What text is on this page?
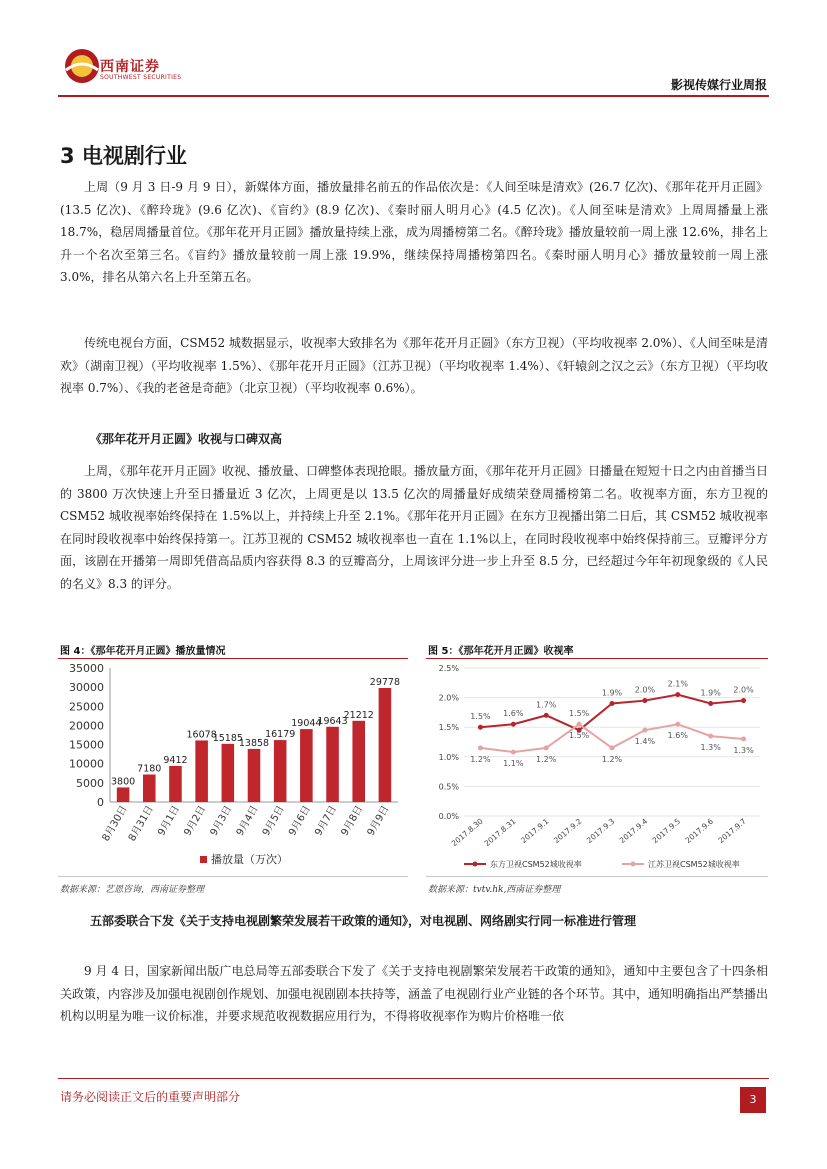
西南证券
SOUTHWEST SECURITIES
影视传媒行业周报
3 电视剧行业

上周（9 月 3 日-9 月 9 日），新媒体方面，播放量排名前五的作品依次是：《人间至味是清欢》(26.7 亿次)、《那年花开月正圆》(13.5 亿次)、《醉玲珑》(9.6 亿次)、《盲约》(8.9 亿次)、《秦时丽人明月心》(4.5 亿次)。《人间至味是清欢》上周周播量上涨 18.7%，稳居周播量首位。《那年花开月正圆》播放量持续上涨，成为周播榜第二名。《醉玲珑》播放量较前一周上涨 12.6%，排名上升一个名次至第三名。《盲约》播放量较前一周上涨 19.9%，继续保持周播榜第四名。《秦时丽人明月心》播放量较前一周上涨 3.0%，排名从第六名上升至第五名。

传统电视台方面，CSM52 城数据显示，收视率大致排名为《那年花开月正圆》（东方卫视）（平均收视率 2.0%）、《人间至味是清欢》（湖南卫视）（平均收视率 1.5%）、《那年花开月正圆》（江苏卫视）（平均收视率 1.4%）、《轩辕剑之汉之云》（东方卫视）（平均收视率 0.7%）、《我的老爸是奇葩》（北京卫视）（平均收视率 0.6%）。

《那年花开月正圆》收视与口碑双高

上周，《那年花开月正圆》收视、播放量、口碑整体表现抢眼。播放量方面，《那年花开月正圆》日播量在短短十日之内由首播当日的 3800 万次快速上升至日播量近 3 亿次，上周更是以 13.5 亿次的周播量好成绩荣登周播榜第二名。收视率方面，东方卫视的 CSM52 城收视率始终保持在 1.5%以上，并持续上升至 2.1%。《那年花开月正圆》在东方卫视播出第二日后，其 CSM52 城收视率在同时段收视率中始终保持第一。江苏卫视的 CSM52 城收视率也一直在 1.1%以上，在同时段收视率中始终保持前三。豆瓣评分方面，该剧在开播第一周即凭借高品质内容获得 8.3 的豆瓣高分，上周该评分进一步上升至 8.5 分，已经超过今年年初现象级的《人民的名义》8.3 的评分。

图 4：《那年花开月正圆》播放量情况
0
5000
10000
15000
20000
25000
30000
35000
3800
8月30日
7180
8月31日
9412
9月1日
16078
9月2日
15185
9月3日
13858
9月4日
16179
9月5日
19044
9月6日
19643
9月7日
21212
9月8日
29778
9月9日
播放量（万次）
数据来源：艺恩咨询，西南证券整理
图 5：《那年花开月正圆》收视率
0.0%
0.5%
1.0%
1.5%
2.0%
2.5%
2017.8.30
2017.8.31 2017.9.1 2017.9.2 2017.9.3 2017.9.4 2017.9.5 2017.9.6 2017.9.7
1.5% 1.6%
1.7%
1.5%
1.9% 2.0%
2.1%
1.9% 2.0%
1.2% 1.1% 1.2%
1.5%
1.2%
1.4%
1.6%
1.3% 1.3%
东方卫视CSM52城收视率	江苏卫视CSM52城收视率
数据来源：tvtv.hk,西南证券整理
五部委联合下发《关于支持电视剧繁荣发展若干政策的通知》，对电视剧、网络剧实行同一标准进行管理

9 月 4 日，国家新闻出版广电总局等五部委联合下发了《关于支持电视剧繁荣发展若干政策的通知》，通知中主要包含了十四条相关政策，内容涉及加强电视剧创作规划、加强电视剧剧本扶持等，涵盖了电视剧行业产业链的各个环节。其中，通知明确指出严禁播出机构以明星为唯一议价标准，并要求规范收视数据应用行为，不得将收视率作为购片价格唯一依

请务必阅读正文后的重要声明部分	3
